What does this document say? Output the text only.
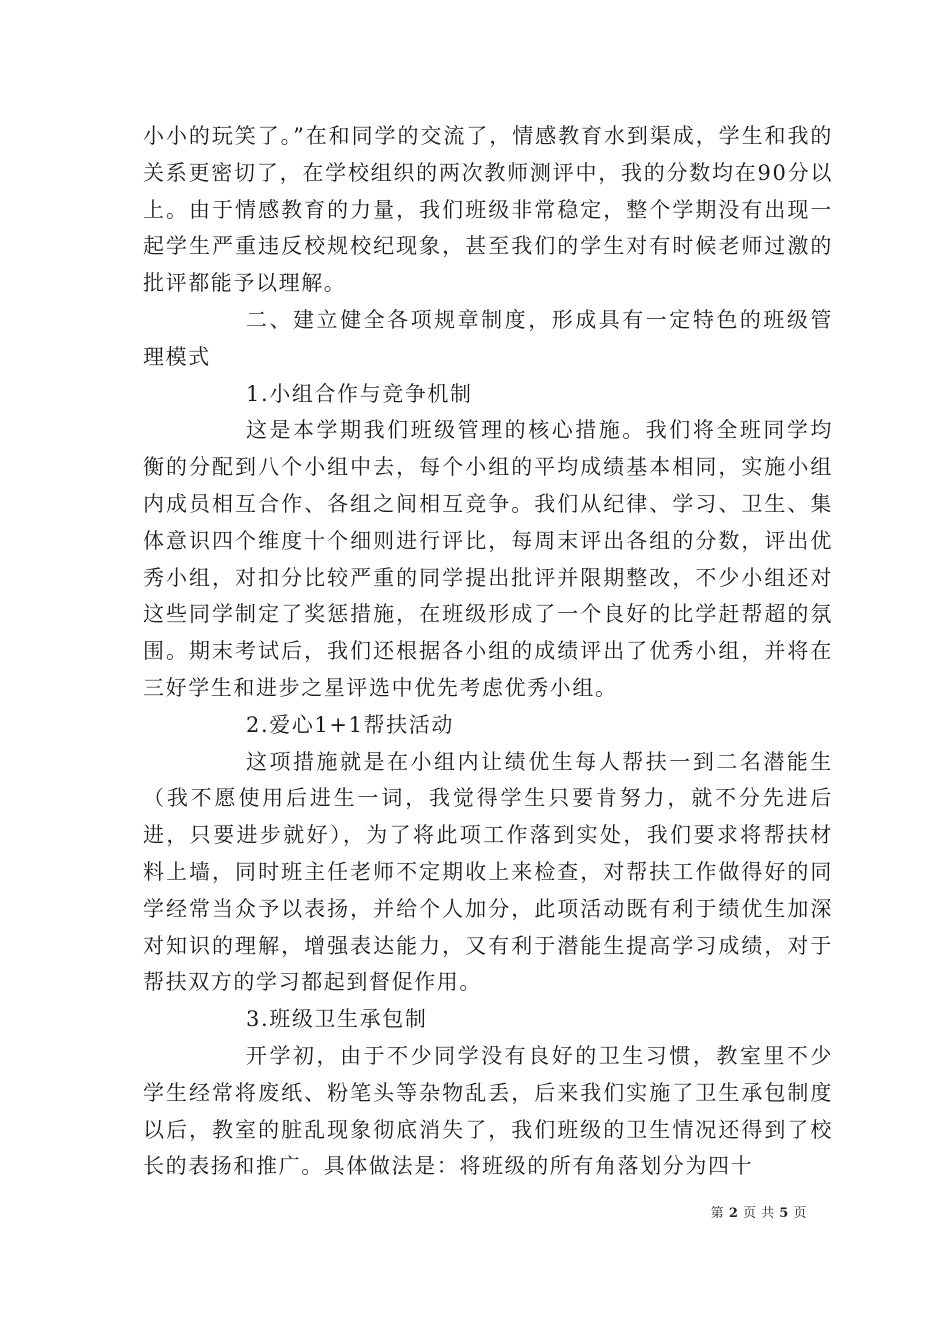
小小的玩笑了。”在和同学的交流了，情感教育水到渠成，学生和我的关系更密切了，在学校组织的两次教师测评中，我的分数均在90分以上。由于情感教育的力量，我们班级非常稳定，整个学期没有出现一起学生严重违反校规校纪现象，甚至我们的学生对有时候老师过激的批评都能予以理解。

二、建立健全各项规章制度，形成具有一定特色的班级管理模式

1.小组合作与竞争机制

这是本学期我们班级管理的核心措施。我们将全班同学均衡的分配到八个小组中去，每个小组的平均成绩基本相同，实施小组内成员相互合作、各组之间相互竞争。我们从纪律、学习、卫生、集体意识四个维度十个细则进行评比，每周末评出各组的分数，评出优秀小组，对扣分比较严重的同学提出批评并限期整改，不少小组还对这些同学制定了奖惩措施，在班级形成了一个良好的比学赶帮超的氛围。期末考试后，我们还根据各小组的成绩评出了优秀小组，并将在三好学生和进步之星评选中优先考虑优秀小组。

2.爱心1+1帮扶活动

这项措施就是在小组内让绩优生每人帮扶一到二名潜能生（我不愿使用后进生一词，我觉得学生只要肯努力，就不分先进后进，只要进步就好），为了将此项工作落到实处，我们要求将帮扶材料上墙，同时班主任老师不定期收上来检查，对帮扶工作做得好的同学经常当众予以表扬，并给个人加分，此项活动既有利于绩优生加深对知识的理解，增强表达能力，又有利于潜能生提高学习成绩，对于帮扶双方的学习都起到督促作用。

3.班级卫生承包制

开学初，由于不少同学没有良好的卫生习惯，教室里不少学生经常将废纸、粉笔头等杂物乱丢，后来我们实施了卫生承包制度以后，教室的脏乱现象彻底消失了，我们班级的卫生情况还得到了校长的表扬和推广。具体做法是：将班级的所有角落划分为四十

第 2 页 共 5 页
